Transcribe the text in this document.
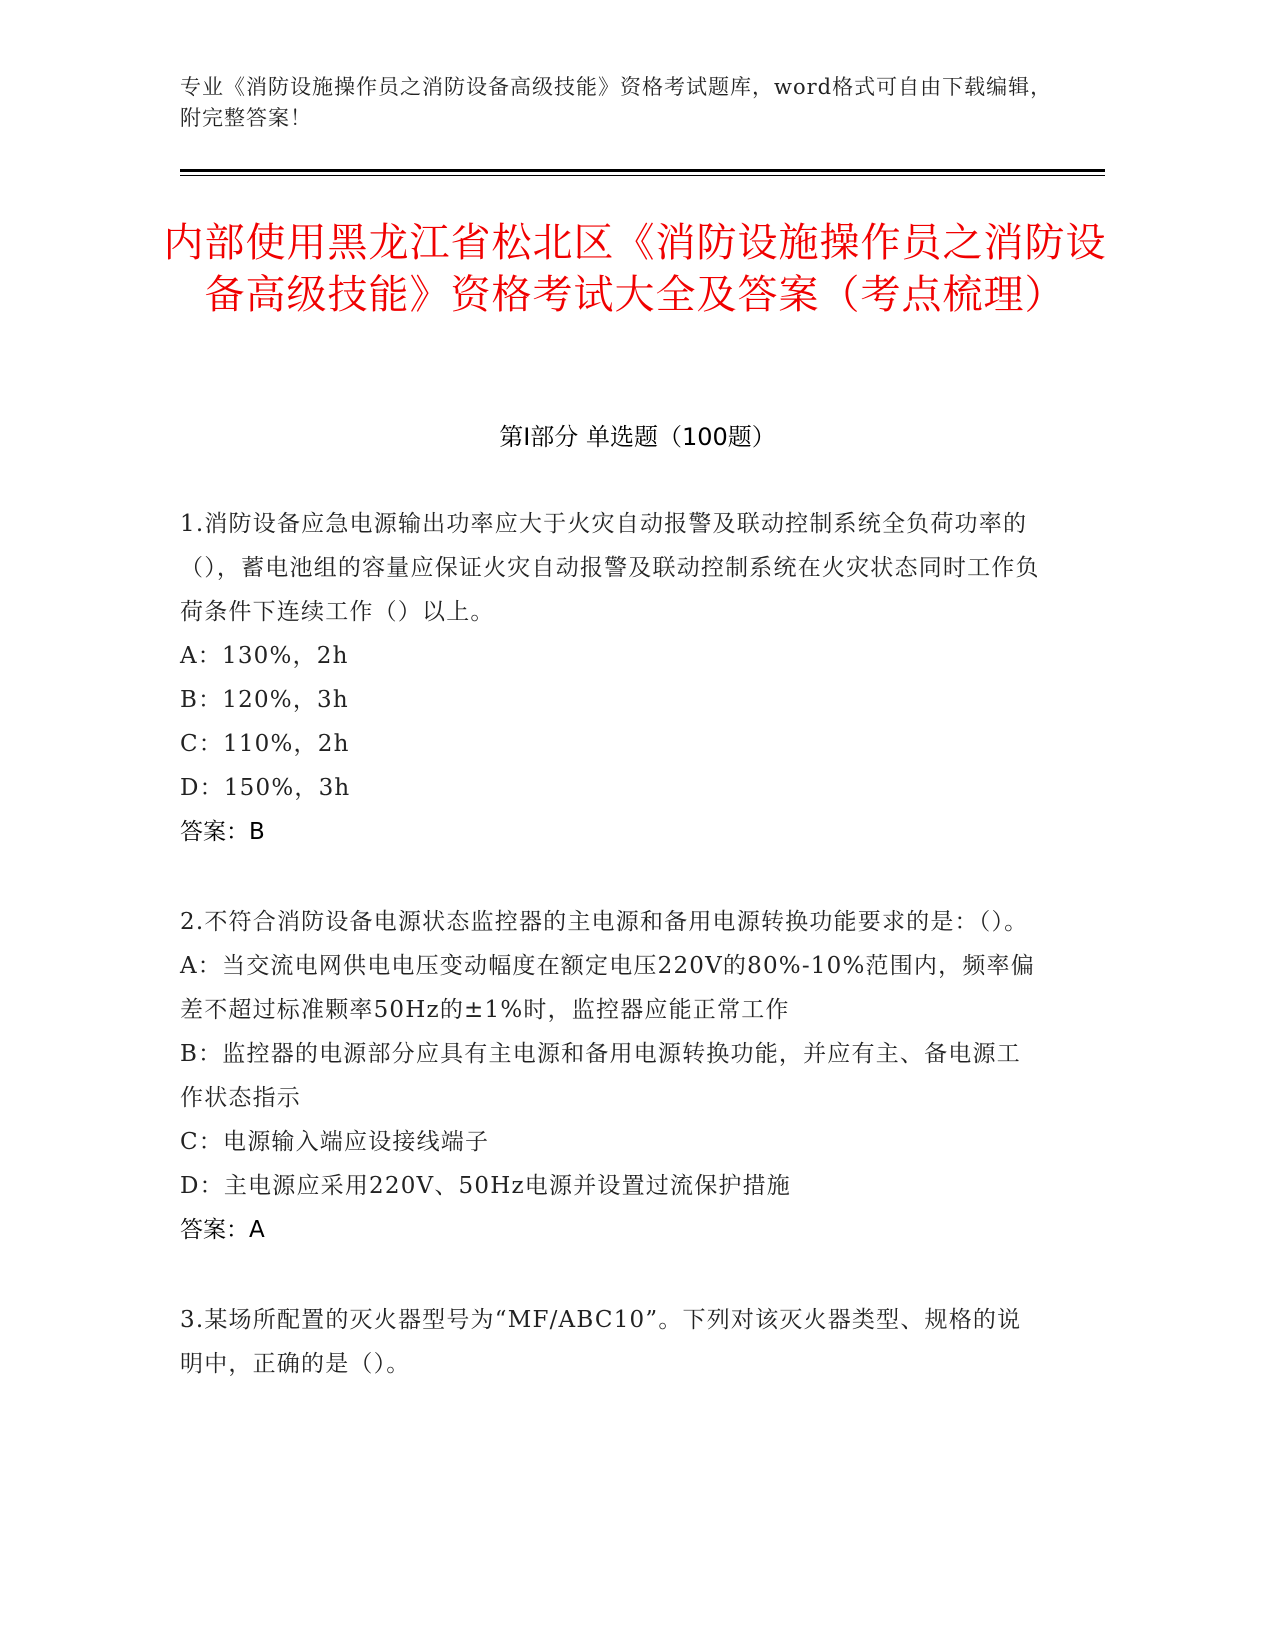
专业《消防设施操作员之消防设备高级技能》资格考试题库，word格式可自由下载编辑，附完整答案！
内部使用黑龙江省松北区《消防设施操作员之消防设备高级技能》资格考试大全及答案（考点梳理）
第Ⅰ部分 单选题（100题）
1.消防设备应急电源输出功率应大于火灾自动报警及联动控制系统全负荷功率的（），蓄电池组的容量应保证火灾自动报警及联动控制系统在火灾状态同时工作负荷条件下连续工作（）以上。
A：130%，2h
B：120%，3h
C：110%，2h
D：150%，3h
答案：B
2.不符合消防设备电源状态监控器的主电源和备用电源转换功能要求的是：（）。
A：当交流电网供电电压变动幅度在额定电压220V的80%-10%范围内，频率偏差不超过标准颗率50Hz的±1%时，监控器应能正常工作
B：监控器的电源部分应具有主电源和备用电源转换功能，并应有主、备电源工作状态指示
C：电源输入端应设接线端子
D：主电源应采用220V、50Hz电源并设置过流保护措施
答案：A
3.某场所配置的灭火器型号为“MF/ABC10”。下列对该灭火器类型、规格的说明中，正确的是（）。
